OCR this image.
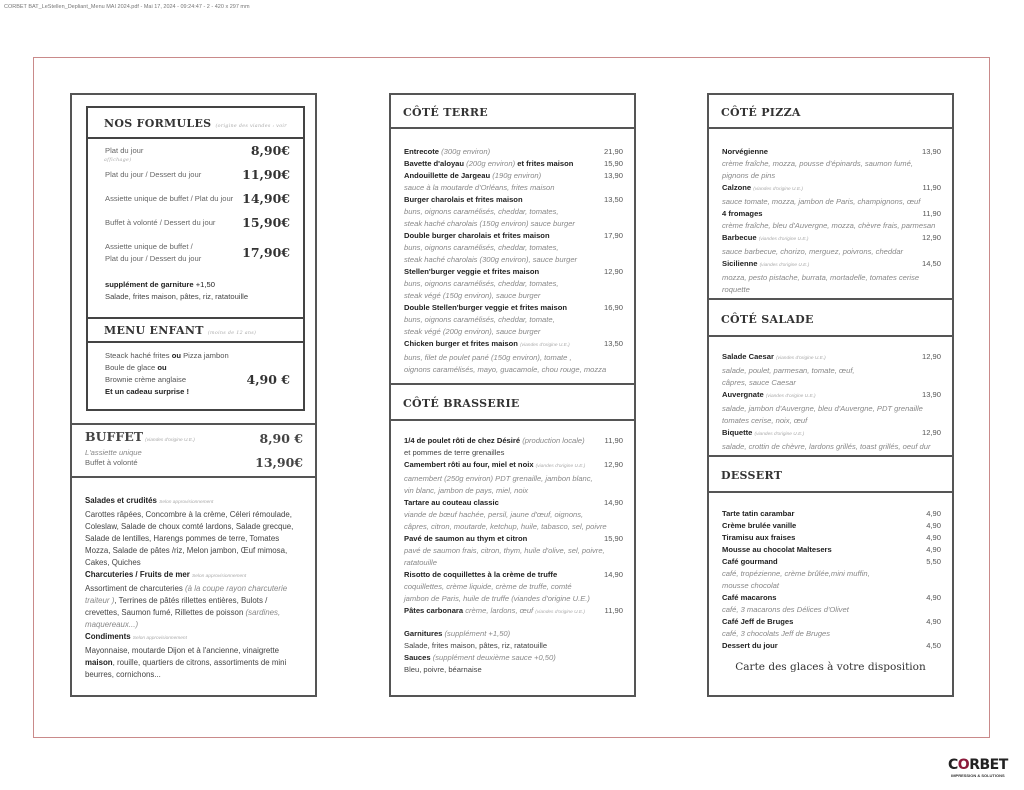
CORBET BAT_LeStellen_Depliant_Menu MAI 2024.pdf - Mai 17, 2024 - 09:24:47 - 2 - 420 x 297 mm
NOS FORMULES (origine des viandes : voir affichage)
Plat du jour	8,90€
Plat du jour / Dessert du jour	11,90€
Assiette unique de buffet / Plat du jour 14,90€
Buffet à volonté / Dessert du jour 15,90€
Assiette unique de buffet /
Plat du jour / Dessert du jour	17,90€
supplément de garniture
+1,50
Salade, frites maison, pâtes, riz, ratatouille
MENU ENFANT (moins de 12 ans)
Steack haché frites ou Pizza jambon
Boule de glace ou
Brownie crème anglaise	4,90 €
Et un cadeau surprise !
BUFFET (viandes d'origine U.E.)	8,90 €
L'assiette unique
Buffet à volonté	13,90€
Salades et crudités Selon approvisionnement
Carottes râpées, Concombre à la crème, Céleri rémoulade,
Coleslaw, Salade de choux comté lardons, Salade grecque,
Salade de lentilles, Harengs pommes de terre, Tomates
Mozza, Salade de pâtes /riz, Melon jambon, Œuf mimosa,
Cakes, Quiches
Charcuteries / Fruits de mer Selon approvisionnement
Assortiment de charcuteries (à la coupe rayon charcuterie
traiteur ), Terrines de pâtés rillettes entières, Bulots /
crevettes, Saumon fumé, Rillettes de poisson (sardines,
maquereaux...)
Condiments Selon approvisionnement
Mayonnaise, moutarde Dijon et à l'ancienne, vinaigrette
maison, rouille, quartiers de citrons, assortiments de mini
beurres, cornichons...
CÔTÉ TERRE
Entrecote (300g environ)	21,90
Bavette d'aloyau (200g environ) et frites maison	15,90
Andouillette de Jargeau (190g environ)	13,90
sauce à la moutarde d'Orléans, frites maison
Burger charolais et frites maison	13,50
buns, oignons caramélisés, cheddar, tomates,
steak haché charolais (150g environ) sauce burger
Double burger charolais et frites maison	17,90
buns, oignons caramélisés, cheddar, tomates,
steak haché charolais (300g environ), sauce burger
Stellen'burger veggie et frites maison	12,90
buns, oignons caramélisés, cheddar, tomates,
steak végé (150g environ), sauce burger
Double Stellen'burger veggie et frites maison	16,90
buns, oignons caramélisés, cheddar, tomate,
steak végé (200g environ), sauce burger
Chicken burger et frites maison (viandes d'origine U.E.)	13,50
buns, filet de poulet pané (150g environ), tomate ,
oignons caramélisés, mayo, guacamole, chou rouge, mozza
CÔTÉ BRASSERIE
1/4 de poulet rôti de chez Désiré (production locale)	11,90
et pommes de terre grenailles
Camembert rôti au four, miel et noix (viandes d'origine U.E.) 12,90
camembert (250g environ) PDT grenaille, jambon blanc,
vin blanc, jambon de pays, miel, noix
Tartare au couteau classic	14,90
viande de bœuf hachée, persil, jaune d'œuf, oignons,
câpres, citron, moutarde, ketchup, huile, tabasco, sel, poivre
Pavé de saumon au thym et citron	15,90
pavé de saumon frais, citron, thym, huile d'olive, sel, poivre,
ratatouille
Risotto de coquillettes à la crème de truffe	14,90
coquillettes, crème liquide, crème de truffe, comté
jambon de Paris, huile de truffe (viandes d'origine U.E.)
Pâtes carbonara crème, lardons, œuf (viandes d'origine U.E.)	11,90
Garnitures (supplément +1,50)
Salade, frites maison, pâtes, riz, ratatouille
Sauces (supplément deuxième sauce +0,50)
Bleu, poivre, béarnaise
CÔTÉ PIZZA
Norvégienne	13,90
crème fraîche, mozza, pousse d'épinards, saumon fumé,
pignons de pins
Calzone (viandes d'origine U.E.)	11,90
sauce tomate, mozza, jambon de Paris, champignons, œuf
4 fromages	11,90
crème fraîche, bleu d'Auvergne, mozza, chèvre frais, parmesan
Barbecue (viandes d'origine U.E.)	12,90
sauce barbecue, chorizo, merguez, poivrons, cheddar
Sicilienne (viandes d'origine U.E.)	14,50
mozza, pesto pistache, burrata, mortadelle, tomates cerise
roquette
CÔTÉ SALADE
Salade Caesar (viandes d'origine U.E.)	12,90
salade, poulet, parmesan, tomate, œuf,
câpres, sauce Caesar
Auvergnate (viandes d'origine U.E.)	13,90
salade, jambon d'Auvergne, bleu d'Auvergne, PDT grenaille
tomates cerise, noix, œuf
Biquette (viandes d'origine U.E.)	12,90
salade, crottin de chèvre, lardons grillés, toast grillés, oeuf dur
DESSERT
Tarte tatin carambar	4,90
Crème brulée vanille	4,90
Tiramisu aux fraises	4,90
Mousse au chocolat Maltesers	4,90
Café gourmand	5,50
café, tropézienne, crème brûlée,mini muffin,
mousse chocolat
Café macarons	4,90
café, 3 macarons des Délices d'Olivet
Café Jeff de Bruges	4,90
café, 3 chocolats Jeff de Bruges
Dessert du jour	4,50
Carte des glaces à votre disposition
CORBET
IMPRESSION & SOLUTIONS
